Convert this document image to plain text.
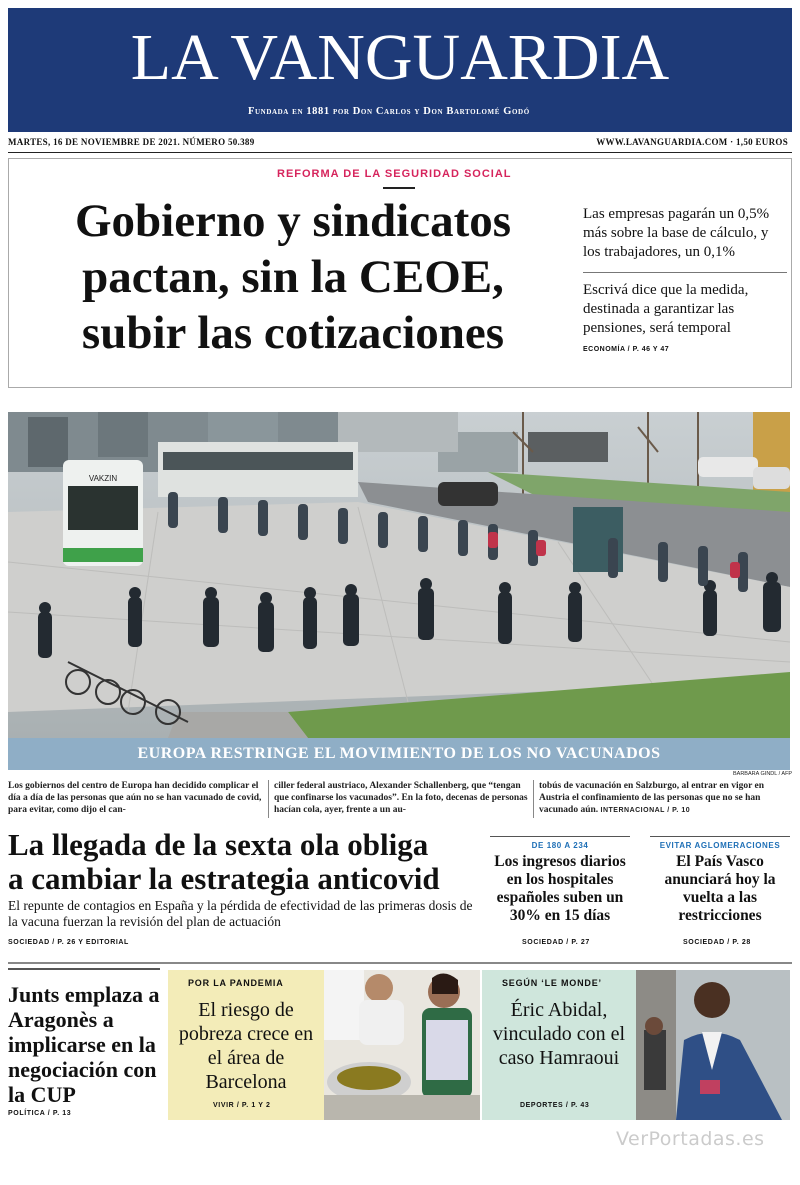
LA VANGUARDIA
Fundada en 1881 por Don Carlos y Don Bartolomé Godó
MARTES, 16 DE NOVIEMBRE DE 2021. NÚMERO 50.389	WWW.LAVANGUARDIA.COM · 1,50 EUROS
REFORMA DE LA SEGURIDAD SOCIAL
Gobierno y sindicatos
pactan, sin la CEOE,
subir las cotizaciones
Las empresas pagarán un 0,5% más sobre la base de cálculo, y los trabajadores, un 0,1%
Escrivá dice que la medida, destinada a garantizar las pensiones, será temporal
ECONOMÍA / P. 46 Y 47
VAKZIN
EUROPA RESTRINGE EL MOVIMIENTO DE LOS NO VACUNADOS
BARBARA GINDL / AFP
Los gobiernos del centro de Europa han decidido complicar el día a día de las personas que aún no se han vacunado de covid, para evitar, como dijo el can-
ciller federal austriaco, Alexander Schallenberg, que “tengan que confinarse los vacunados”. En la foto, decenas de personas hacían cola, ayer, frente a un au-
tobús de vacunación en Salzburgo, al entrar en vigor en Austria el confinamiento de las personas que no se han vacunado aún. INTERNACIONAL / P. 10
La llegada de la sexta ola obliga
a cambiar la estrategia anticovid
El repunte de contagios en España y la pérdida de efectividad de las primeras dosis de la vacuna fuerzan la revisión del plan de actuación
SOCIEDAD / P. 26 Y EDITORIAL
DE 180 A 234
Los ingresos diarios en los hospitales españoles suben un 30% en 15 días
SOCIEDAD / P. 27
EVITAR AGLOMERACIONES
El País Vasco anunciará hoy la vuelta a las restricciones
SOCIEDAD / P. 28
Junts emplaza a Aragonès a implicarse en la negociación con la CUP
POLÍTICA / P. 13
POR LA PANDEMIA
El riesgo de pobreza crece en el área de Barcelona
VIVIR / P. 1 Y 2
SEGÚN ‘LE MONDE’
Éric Abidal, vinculado con el caso Hamraoui
DEPORTES / P. 43
VerPortadas.es
